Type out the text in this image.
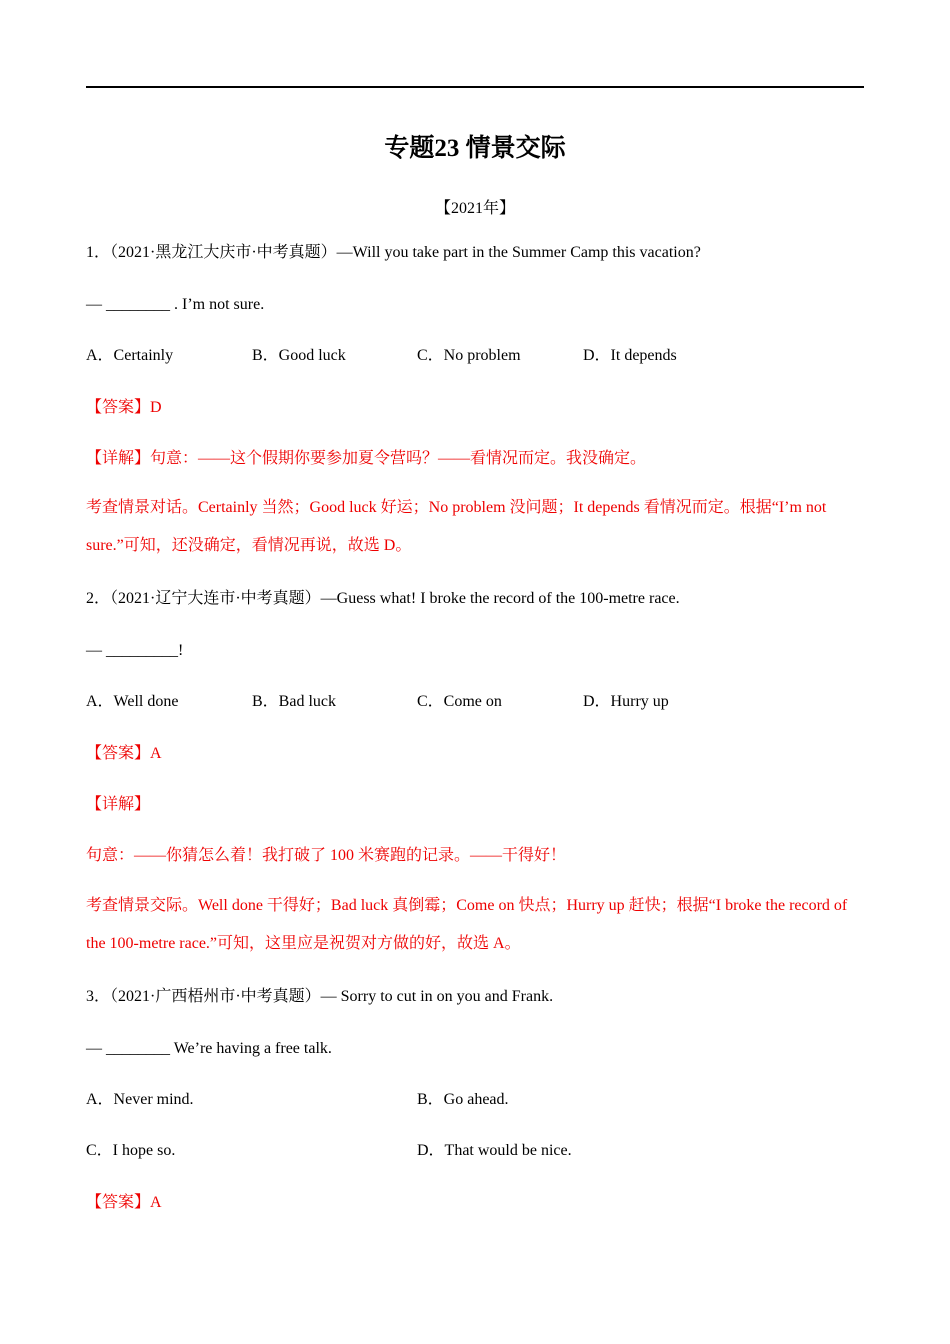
专题23 情景交际
【2021年】
1．（2021·黑龙江大庆市·中考真题）—Will you take part in the Summer Camp this vacation?
— ________ . I’m not sure.
A．Certainly	B．Good luck	C．No problem	D．It depends
【答案】D
【详解】句意：——这个假期你要参加夏令营吗？——看情况而定。我没确定。
考查情景对话。Certainly 当然；Good luck 好运；No problem 没问题；It depends 看情况而定。根据“I’m not sure.”可知，还没确定，看情况再说，故选 D。
2．（2021·辽宁大连市·中考真题）—Guess what! I broke the record of the 100-metre race.
— _________!
A．Well done	B．Bad luck	C．Come on	D．Hurry up
【答案】A
【详解】
句意：——你猜怎么着！我打破了 100 米赛跑的记录。——干得好！
考查情景交际。Well done 干得好；Bad luck 真倒霉；Come on 快点；Hurry up 赶快；根据“I broke the record of the 100-metre race.”可知，这里应是祝贺对方做的好，故选 A。
3．（2021·广西梧州市·中考真题）— Sorry to cut in on you and Frank.
— ________ We’re having a free talk.
A．Never mind.	B．Go ahead.
C．I hope so.	D．That would be nice.
【答案】A
